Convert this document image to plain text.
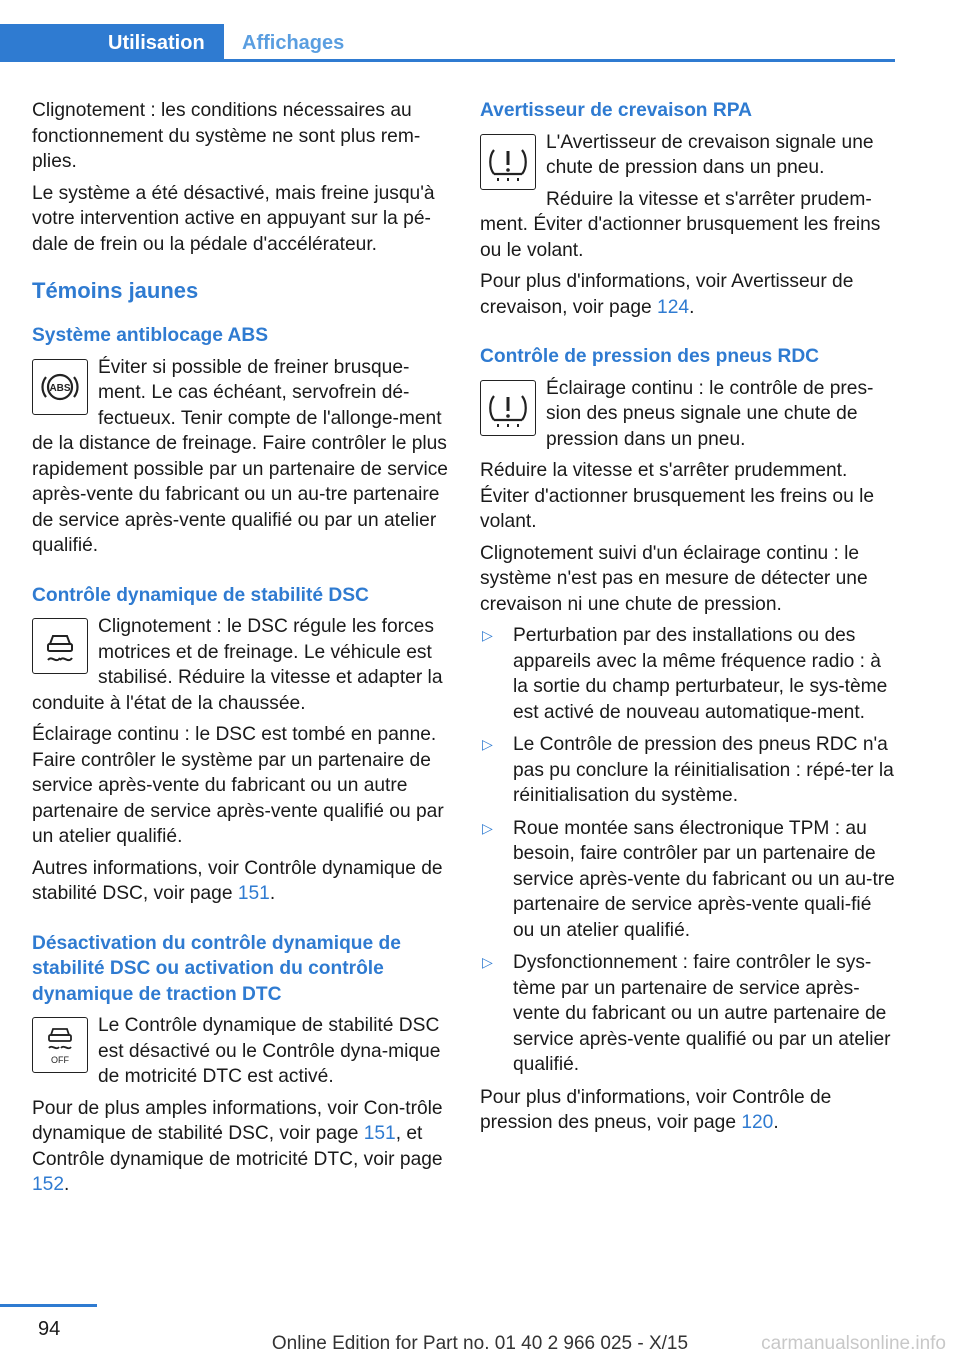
Utilisation	Affichages

Clignotement : les conditions nécessaires au fonctionnement du système ne sont plus rem‐plies.

Le système a été désactivé, mais freine jusqu'à votre intervention active en appuyant sur la pé‐dale de frein ou la pédale d'accélérateur.

Témoins jaunes
Système antiblocage ABS
ABS

Éviter si possible de freiner brusque‐ment. Le cas échéant, servofrein dé‐fectueux. Tenir compte de l'allonge‐ment de la distance de freinage. Faire contrôler le plus rapidement possible par un partenaire de service après-vente du fabricant ou un au‐tre partenaire de service après-vente qualifié ou par un atelier qualifié.

Contrôle dynamique de stabilité DSC

Clignotement : le DSC régule les forces motrices et de freinage. Le véhicule est stabilisé. Réduire la vitesse et adapter la conduite à l'état de la chaussée.

Éclairage continu : le DSC est tombé en panne. Faire contrôler le système par un partenaire de service après-vente du fabricant ou un autre partenaire de service après-vente qualifié ou par un atelier qualifié.

Autres informations, voir Contrôle dynamique de stabilité DSC, voir page 151.

Désactivation du contrôle dynamique de stabilité DSC ou activation du contrôle dynamique de traction DTC
OFF

Le Contrôle dynamique de stabilité DSC est désactivé ou le Contrôle dyna‐mique de motricité DTC est activé.

Pour de plus amples informations, voir Con‐trôle dynamique de stabilité DSC, voir page 151, et Contrôle dynamique de motricité DTC, voir page 152.

Avertisseur de crevaison RPA

L'Avertisseur de crevaison signale une chute de pression dans un pneu.

Réduire la vitesse et s'arrêter prudem‐ment. Éviter d'actionner brusquement les freins ou le volant.

Pour plus d'informations, voir Avertisseur de crevaison, voir page 124.

Contrôle de pression des pneus RDC

Éclairage continu : le contrôle de pres‐sion des pneus signale une chute de pression dans un pneu.

Réduire la vitesse et s'arrêter prudemment. Éviter d'actionner brusquement les freins ou le volant.

Clignotement suivi d'un éclairage continu : le système n'est pas en mesure de détecter une crevaison ni une chute de pression.

▷ Perturbation par des installations ou des appareils avec la même fréquence radio : à la sortie du champ perturbateur, le sys‐tème est activé de nouveau automatique‐ment.
▷ Le Contrôle de pression des pneus RDC n'a pas pu conclure la réinitialisation : répé‐ter la réinitialisation du système.
▷ Roue montée sans électronique TPM : au besoin, faire contrôler par un partenaire de service après-vente du fabricant ou un au‐tre partenaire de service après-vente quali‐fié ou un atelier qualifié.
▷ Dysfonctionnement : faire contrôler le sys‐tème par un partenaire de service après-vente du fabricant ou un autre partenaire de service après-vente qualifié ou par un atelier qualifié.

Pour plus d'informations, voir Contrôle de pression des pneus, voir page 120.

94
Online Edition for Part no. 01 40 2 966 025 - X/15	carmanualsonline.info
